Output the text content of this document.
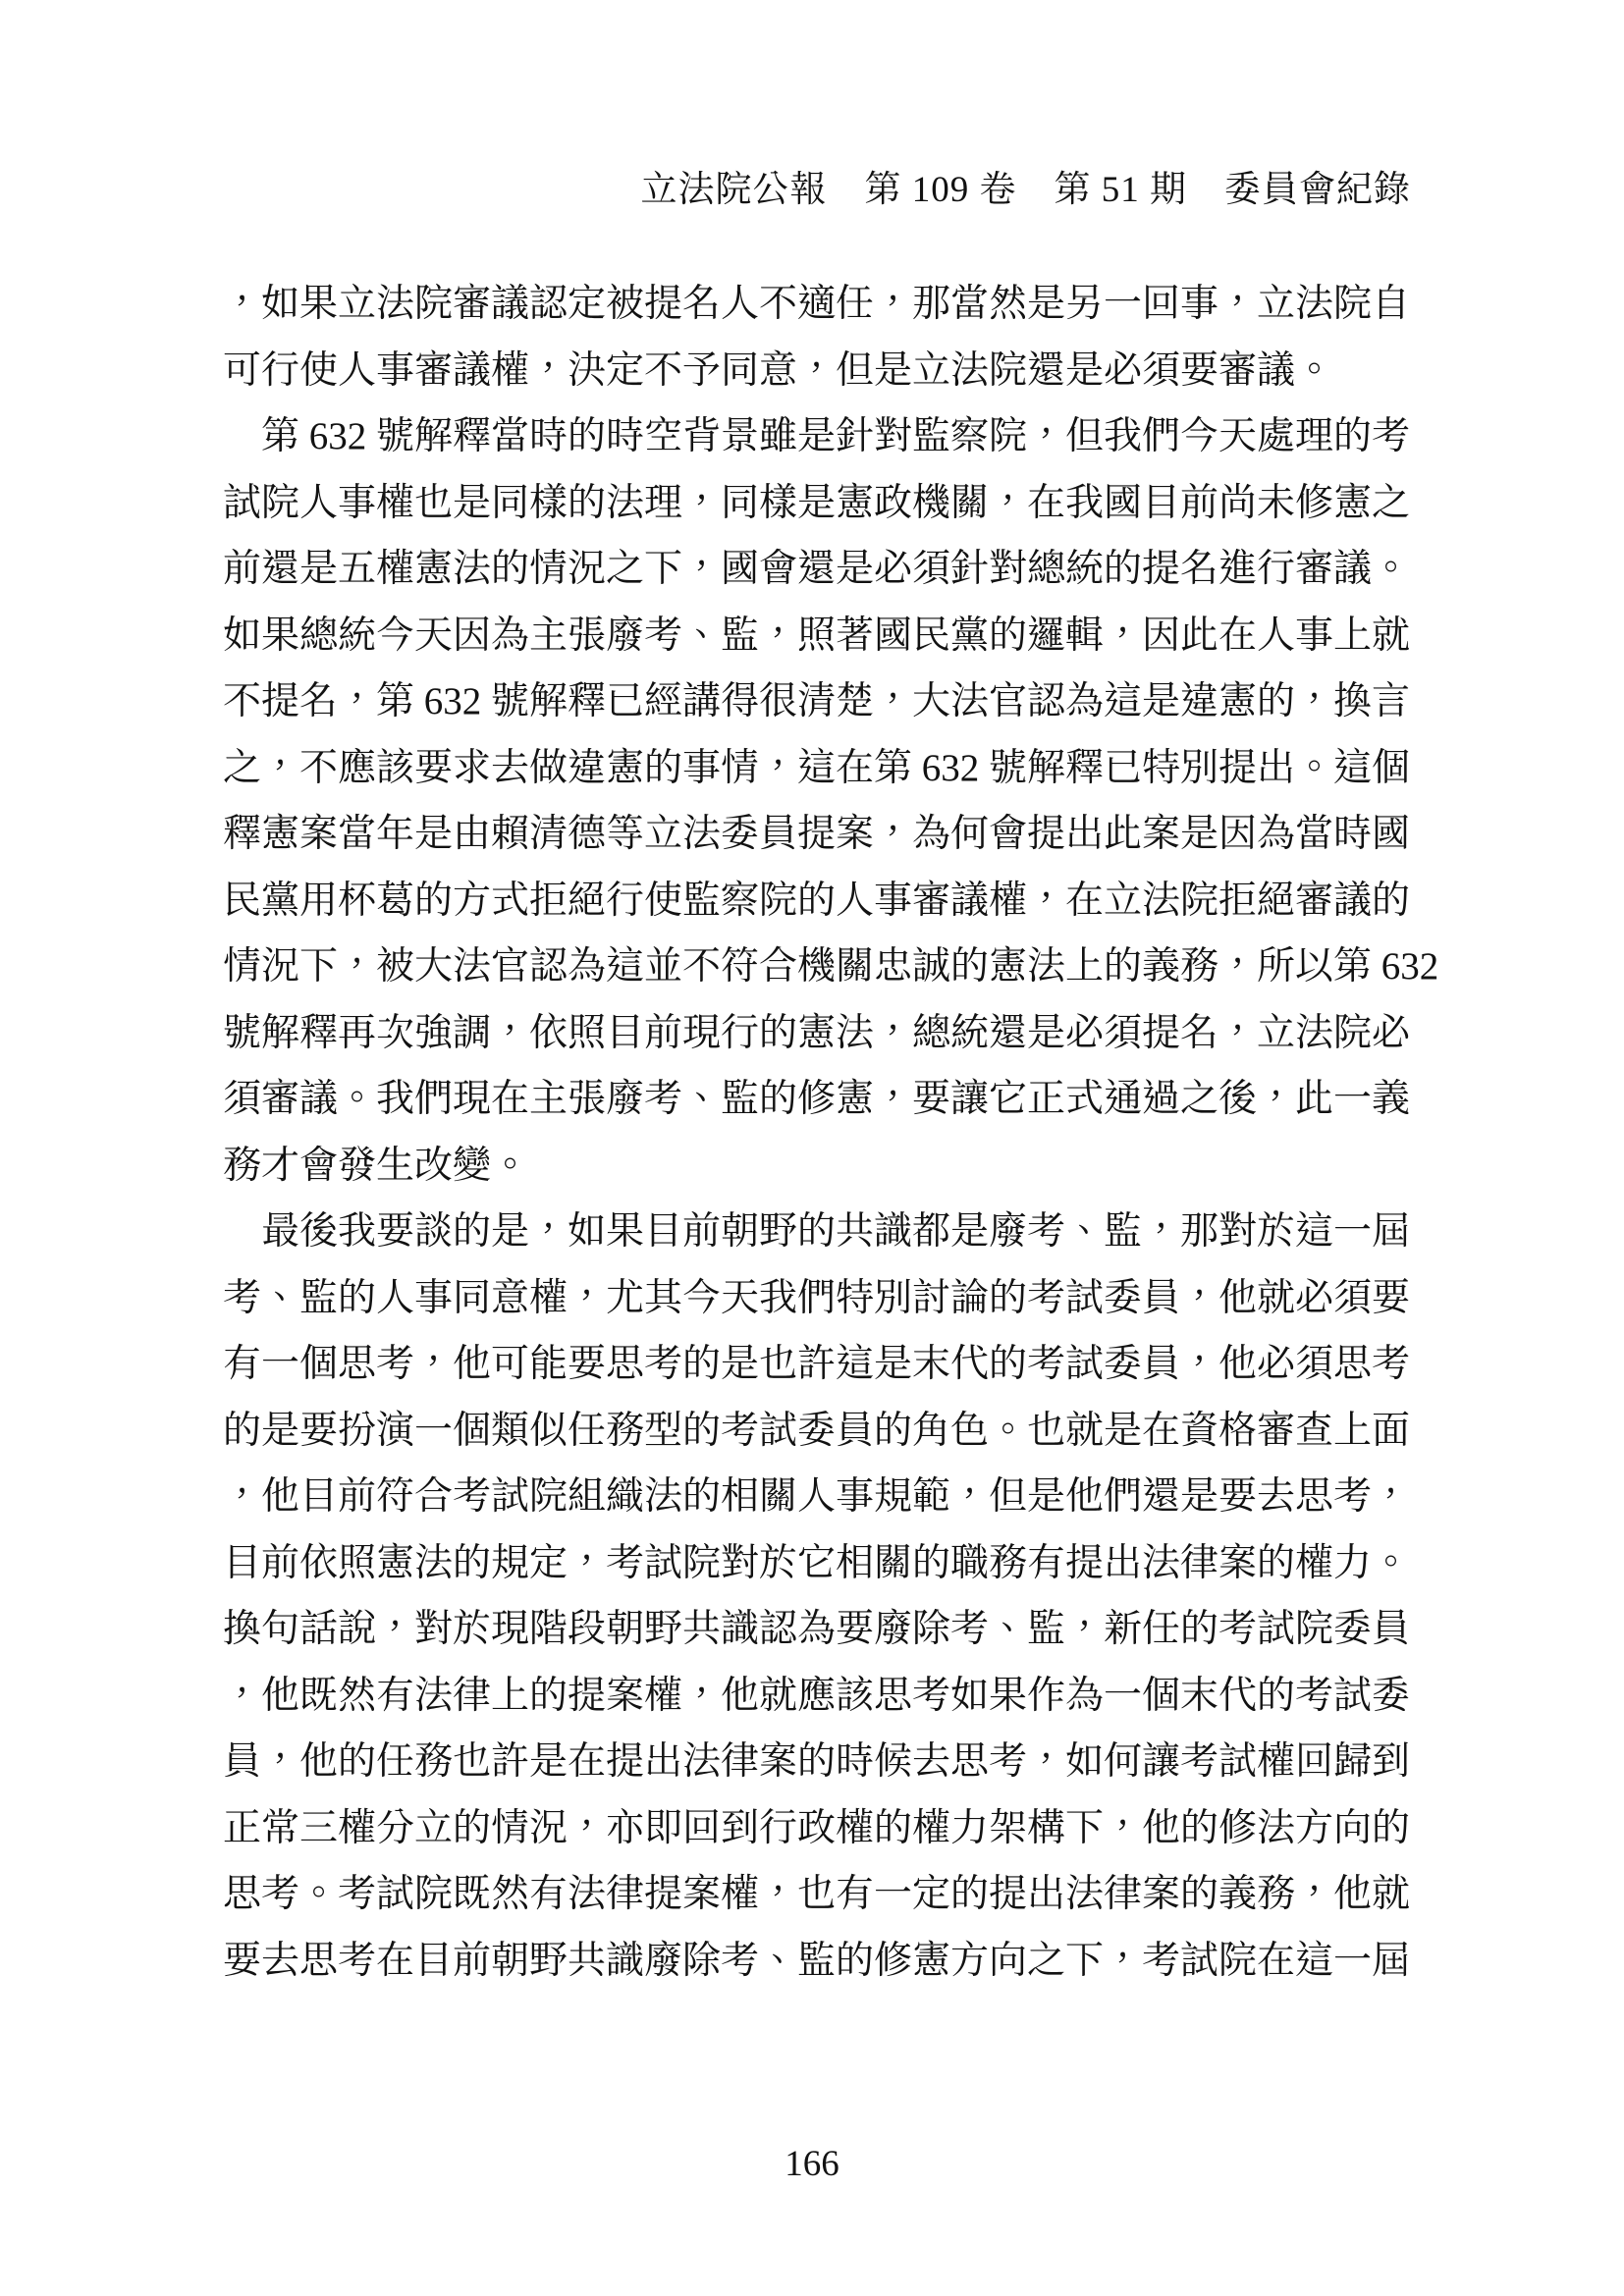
立法院公報　第 109 卷　第 51 期　委員會紀錄
，如果立法院審議認定被提名人不適任，那當然是另一回事，立法院自
可行使人事審議權，決定不予同意，但是立法院還是必須要審議。
　第 632 號解釋當時的時空背景雖是針對監察院，但我們今天處理的考
試院人事權也是同樣的法理，同樣是憲政機關，在我國目前尚未修憲之
前還是五權憲法的情況之下，國會還是必須針對總統的提名進行審議。
如果總統今天因為主張廢考、監，照著國民黨的邏輯，因此在人事上就
不提名，第 632 號解釋已經講得很清楚，大法官認為這是違憲的，換言
之，不應該要求去做違憲的事情，這在第 632 號解釋已特別提出。這個
釋憲案當年是由賴清德等立法委員提案，為何會提出此案是因為當時國
民黨用杯葛的方式拒絕行使監察院的人事審議權，在立法院拒絕審議的
情況下，被大法官認為這並不符合機關忠誠的憲法上的義務，所以第 632
號解釋再次強調，依照目前現行的憲法，總統還是必須提名，立法院必
須審議。我們現在主張廢考、監的修憲，要讓它正式通過之後，此一義
務才會發生改變。
　最後我要談的是，如果目前朝野的共識都是廢考、監，那對於這一屆
考、監的人事同意權，尤其今天我們特別討論的考試委員，他就必須要
有一個思考，他可能要思考的是也許這是末代的考試委員，他必須思考
的是要扮演一個類似任務型的考試委員的角色。也就是在資格審查上面
，他目前符合考試院組織法的相關人事規範，但是他們還是要去思考，
目前依照憲法的規定，考試院對於它相關的職務有提出法律案的權力。
換句話說，對於現階段朝野共識認為要廢除考、監，新任的考試院委員
，他既然有法律上的提案權，他就應該思考如果作為一個末代的考試委
員，他的任務也許是在提出法律案的時候去思考，如何讓考試權回歸到
正常三權分立的情況，亦即回到行政權的權力架構下，他的修法方向的
思考。考試院既然有法律提案權，也有一定的提出法律案的義務，他就
要去思考在目前朝野共識廢除考、監的修憲方向之下，考試院在這一屆
166
